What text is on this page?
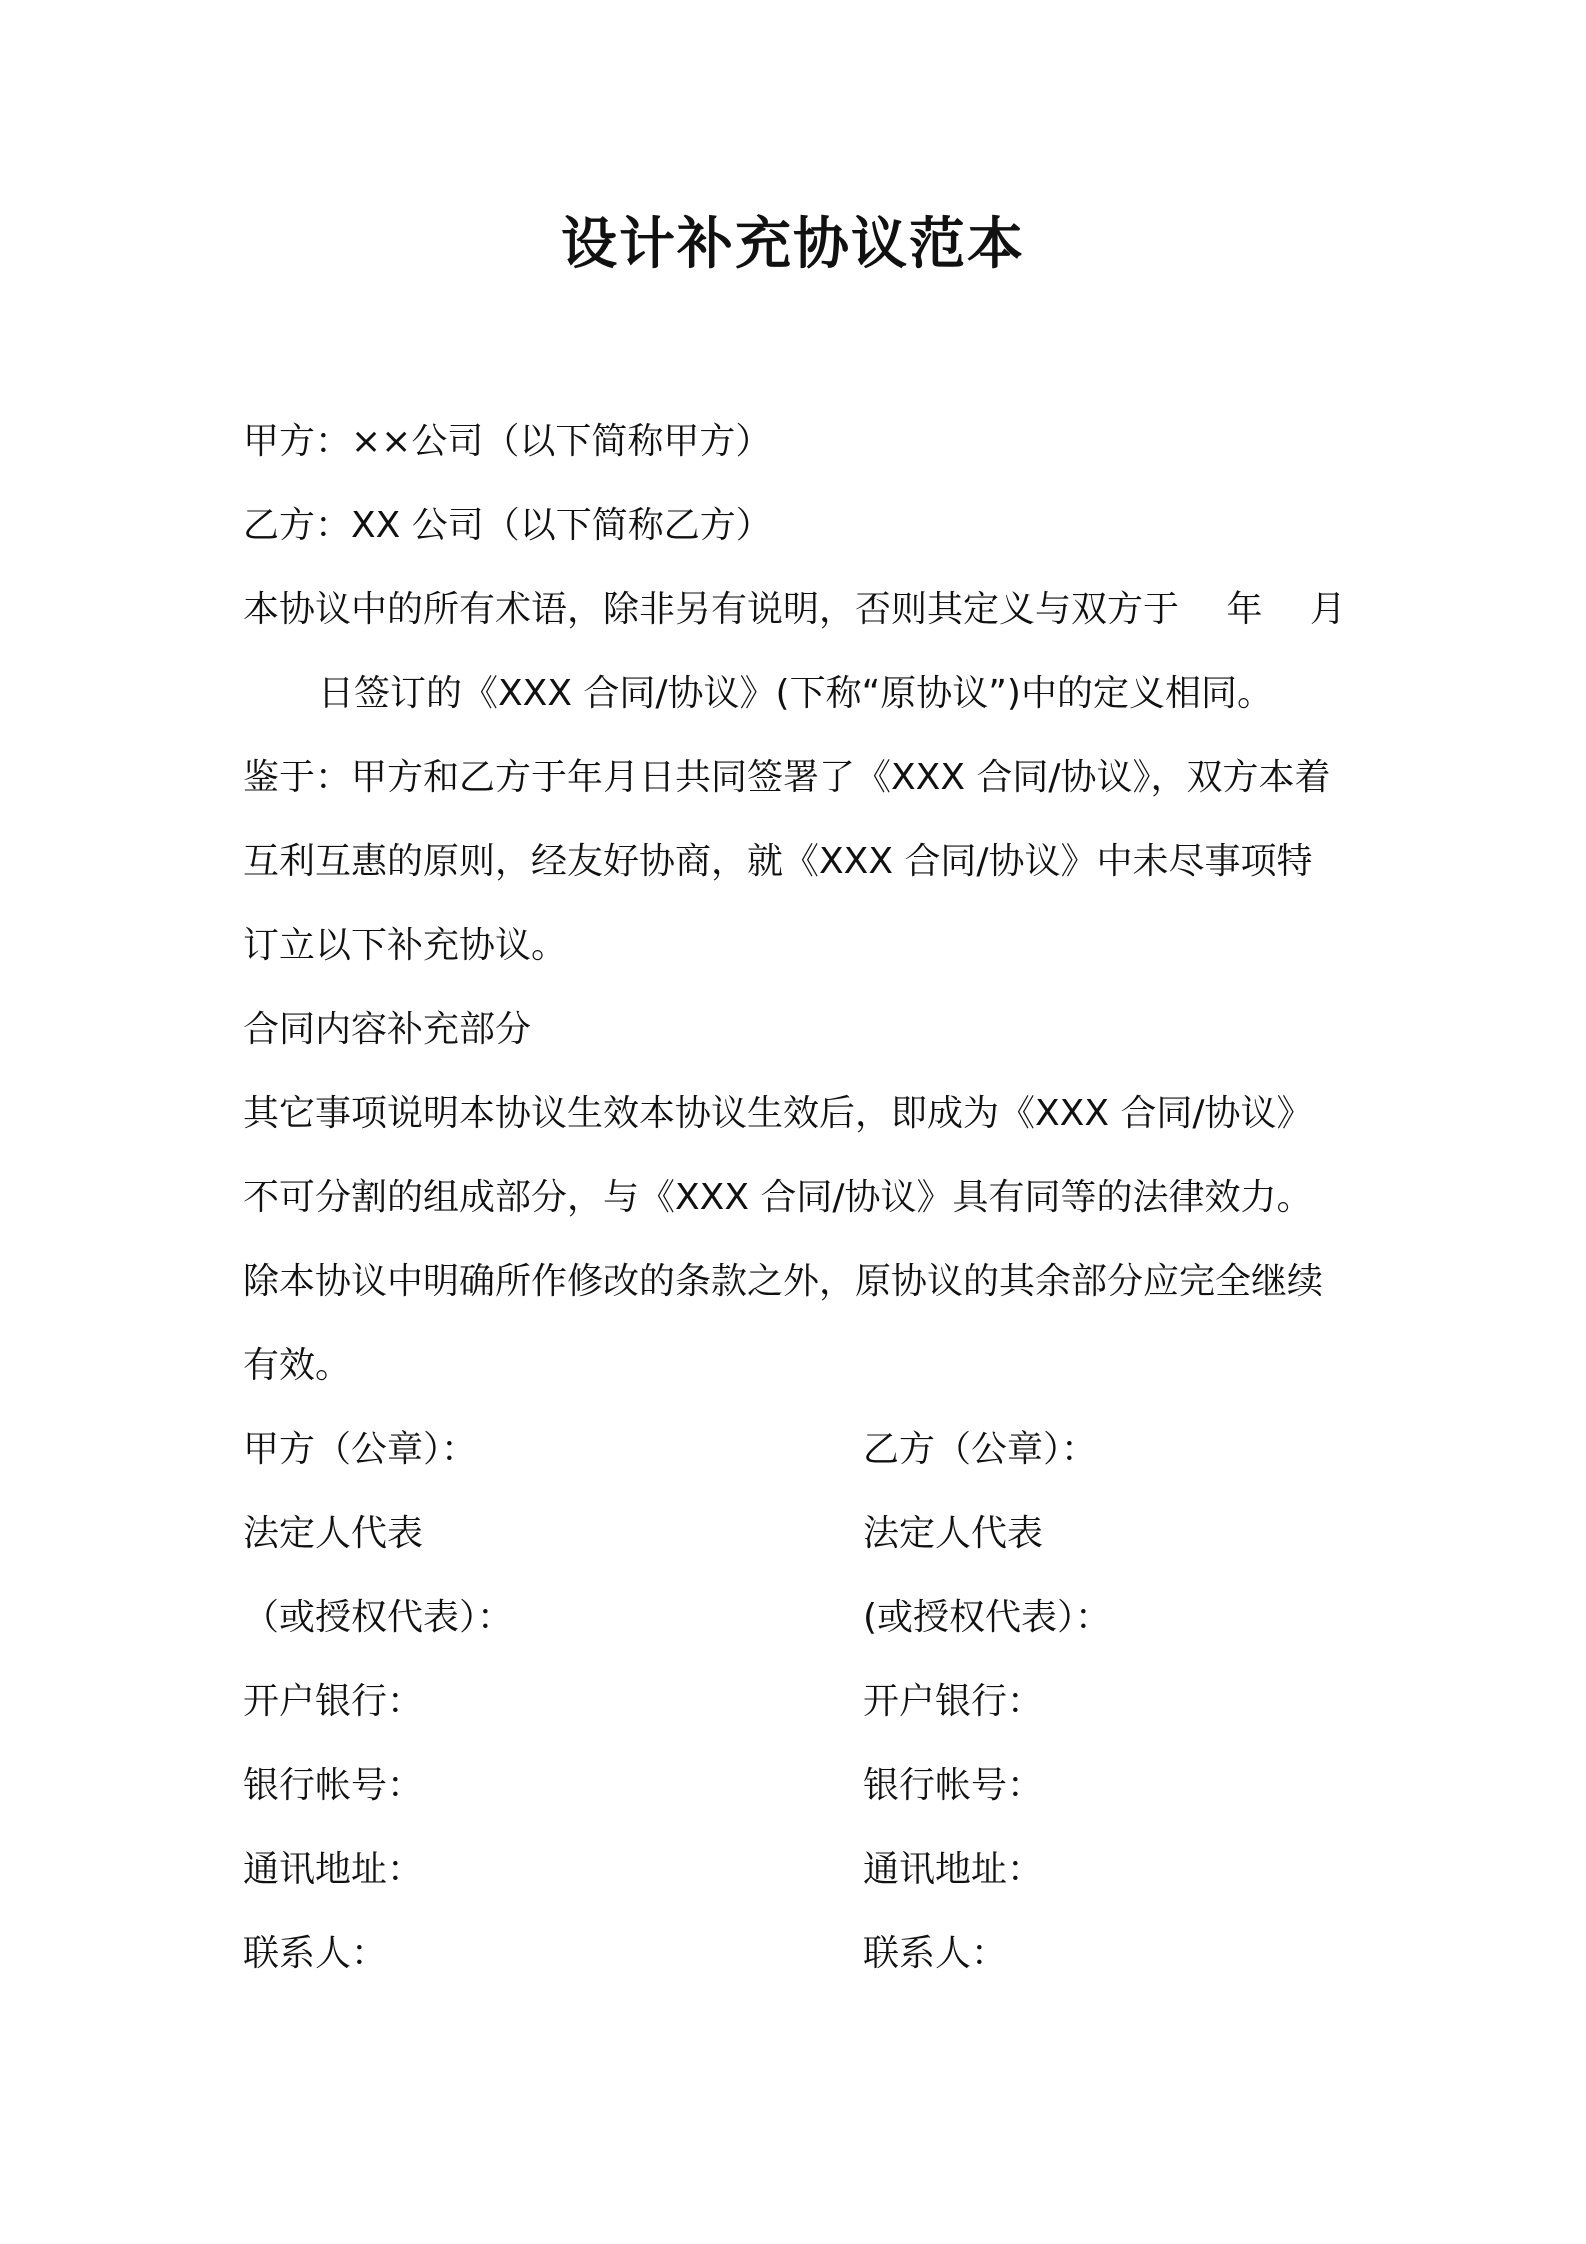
设计补充协议范本

甲方：××公司（以下简称甲方）

乙方：XX 公司（以下简称乙方）

本协议中的所有术语，除非另有说明，否则其定义与双方于　 年　 月

日签订的《XXX 合同/协议》(下称“原协议”)中的定义相同。

鉴于：甲方和乙方于年月日共同签署了《XXX 合同/协议》，双方本着

互利互惠的原则，经友好协商，就《XXX 合同/协议》中未尽事项特

订立以下补充协议。

合同内容补充部分

其它事项说明本协议生效本协议生效后，即成为《XXX 合同/协议》

不可分割的组成部分，与《XXX 合同/协议》具有同等的法律效力。

除本协议中明确所作修改的条款之外，原协议的其余部分应完全继续

有效。

甲方（公章）：	乙方（公章）：
法定人代表	法定人代表
（或授权代表）：	(或授权代表）：
开户银行：	开户银行：
银行帐号：	银行帐号：
通讯地址：	通讯地址：
联系人：	联系人：
